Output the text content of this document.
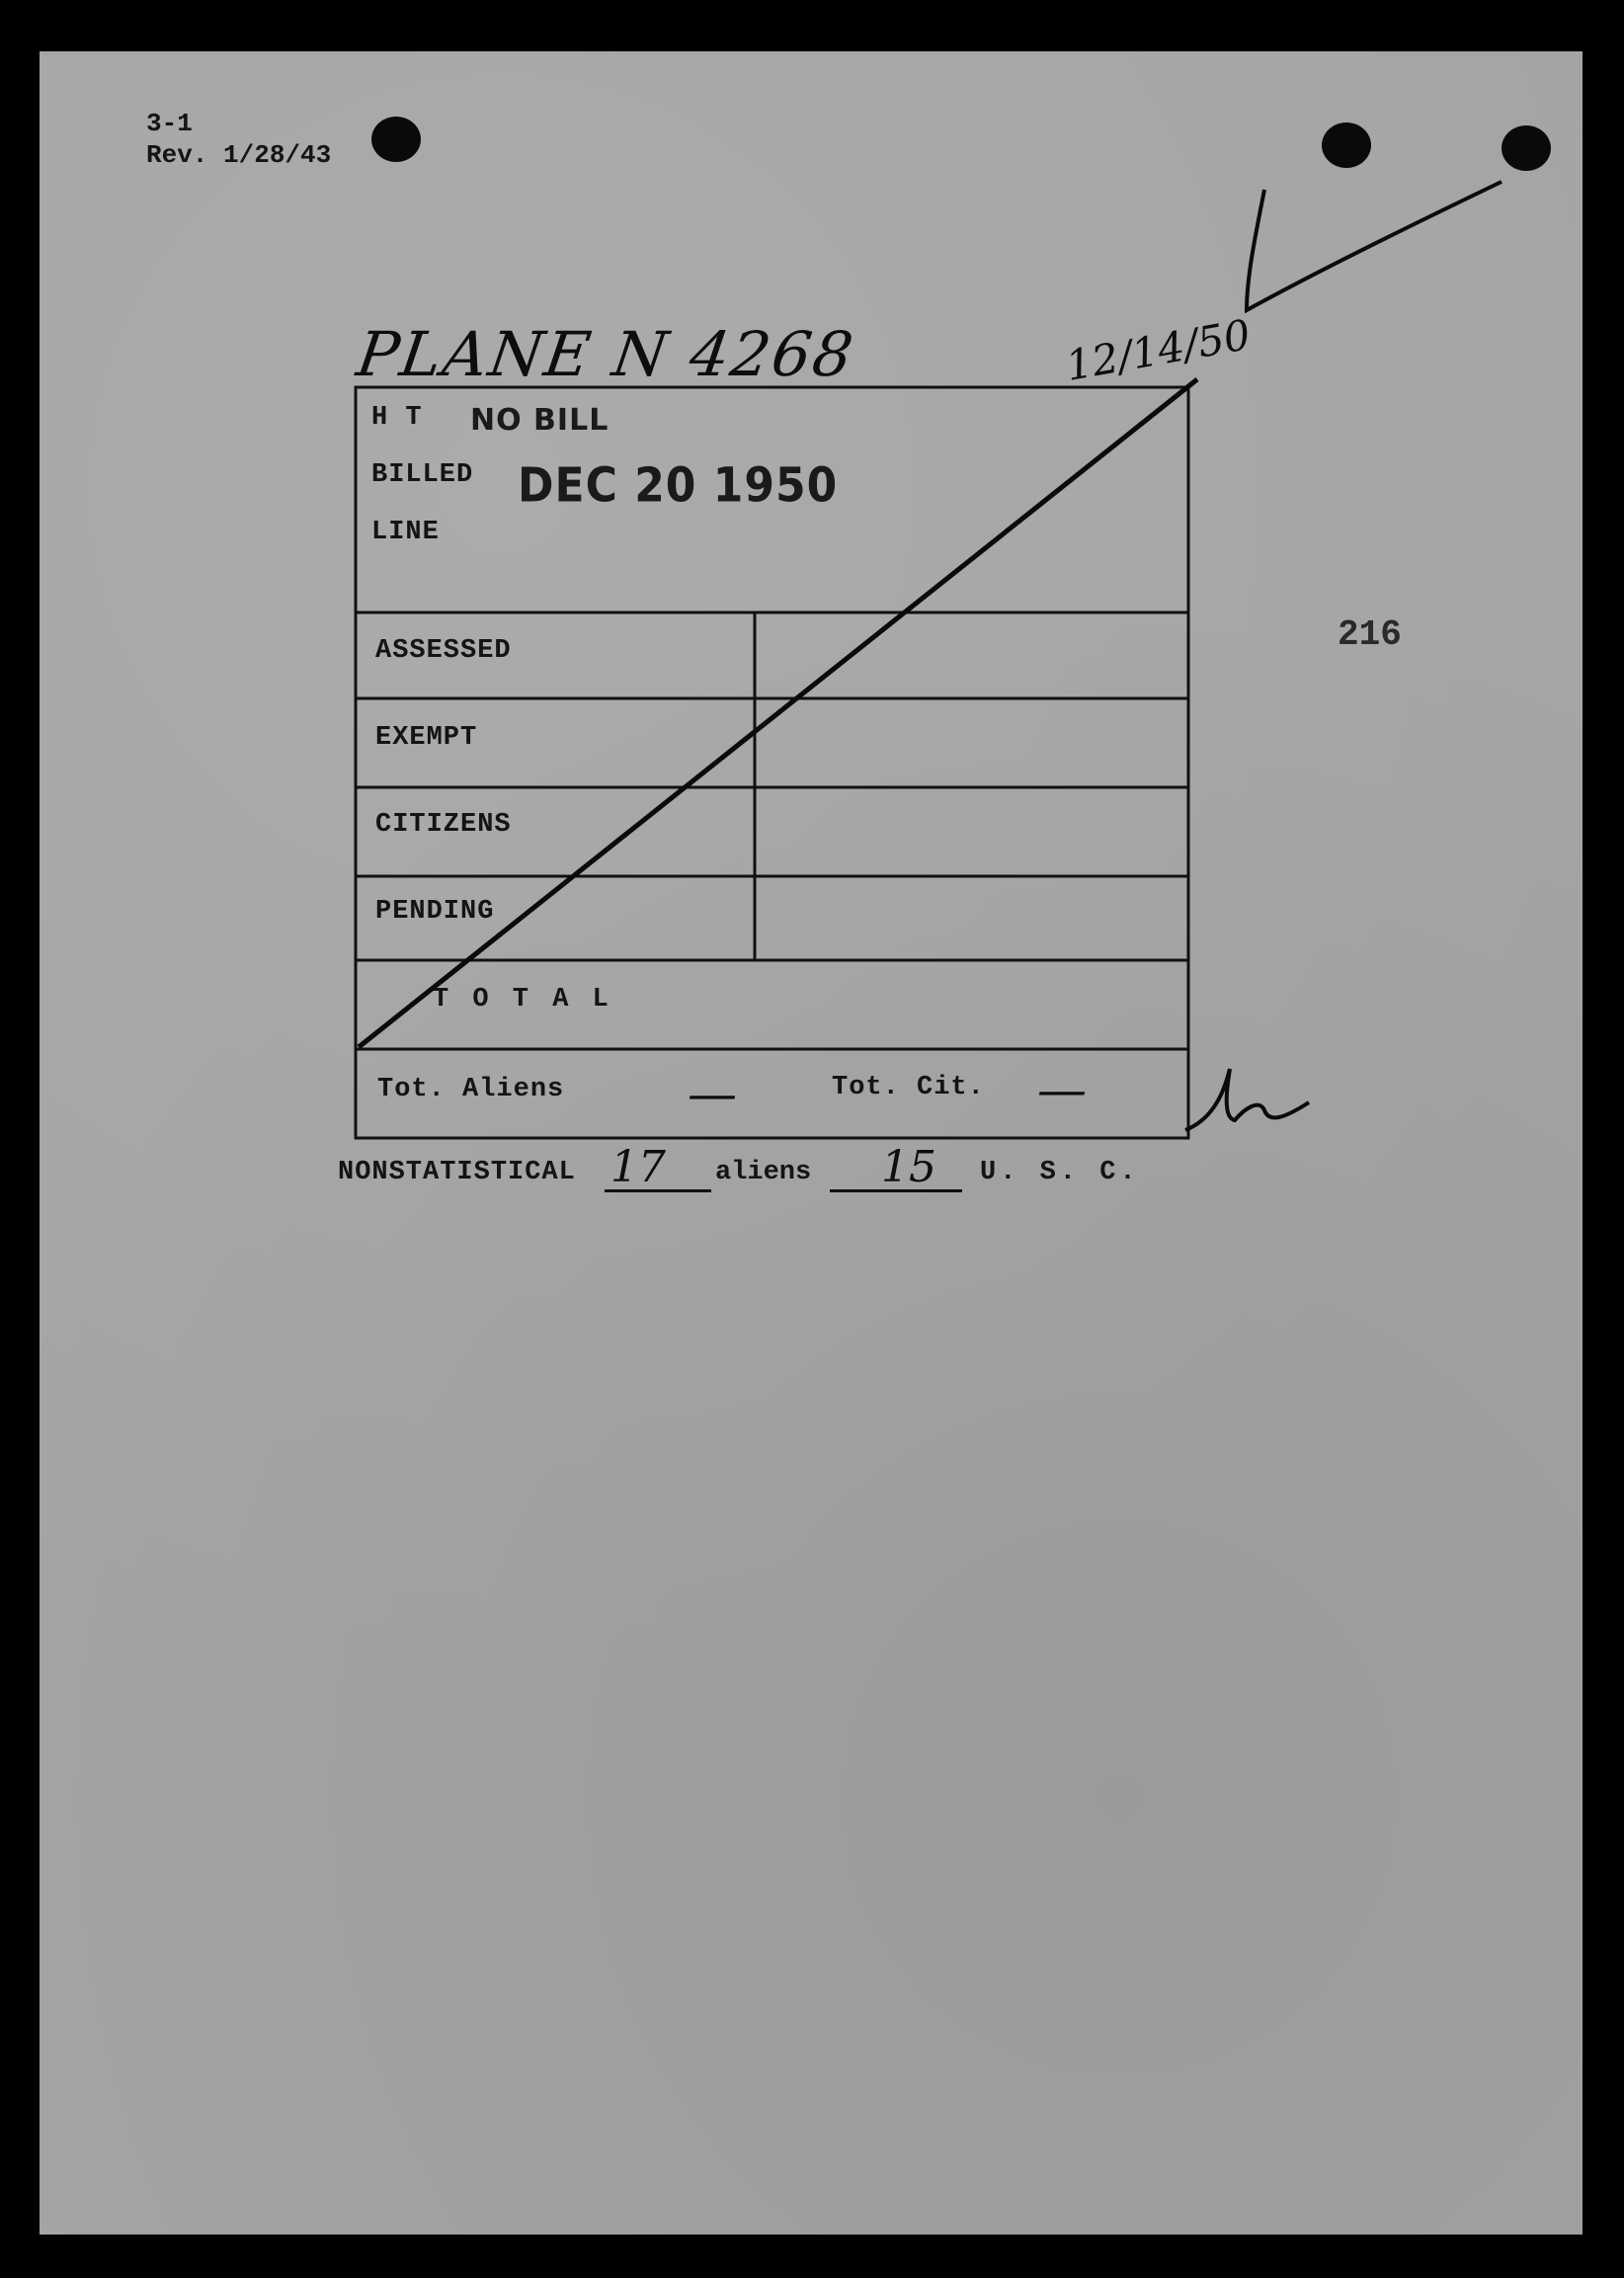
3-1
Rev. 1/28/43
PLANE N 4268	12/14/50
216
H T NO BILL
BILLED DEC 20 1950
LINE
ASSESSED
EXEMPT
CITIZENS
PENDING
T O T A L
Tot. Aliens —	Tot. Cit. —
NONSTATISTICAL 17 aliens 15 U. S. C.
